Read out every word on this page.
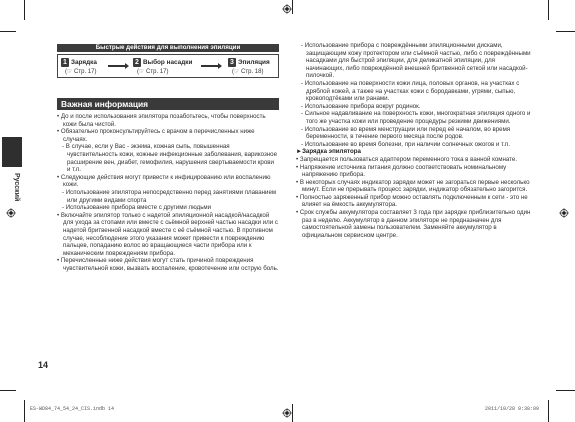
Быстрые действия для выполнения эпиляции
1 $^{Зарядка}$
(☞ Стр. 17)
2 $^{Выбор насадки}$
(☞ Стр. 17)
3 $^{Эпиляция}$
(☞ Стр. 18)
Важная информация
Русский

• До и после использования эпилятора позаботьтесь, чтобы поверхность кожи была чистой.

• Обязательно проконсультируйтесь с врачом в перечисленных ниже случаях.

- В случае, если у Вас - экзема, кожная сыпь, повышенная чувствительность кожи, кожные инфекционные заболевания, варикозное расширение вен, диабет, гемофилия, нарушения свертываемости крови и т.п.

• Следующие действия могут привести к инфицированию или воспалению кожи.

- Использование эпилятора непосредственно перед занятиями плаванием или другими видами спорта

- Использование прибора вместе с другими людьми

• Включайте эпилятор только с надетой эпиляционной насадкой/насадкой для ухода за стопами или вместе с сьёмной верхней частью насадки или с надетой бритвенной насадкой вместе с её съёмной частью. В противном случае, несоблюдение этого указания может привести к повреждению пальцев, попаданию волос во вращающиеся части прибора или к механическим повреждениям прибора.

• Перечисленные ниже действия могут стать причиной повреждения чувствительной кожи, вызвать воспаление, кровотечение или острую боль.

- Использование прибора с повреждёнными эпиляционными дисками, защищающим кожу протектором или съёмной частью, либо с повреждёнными насадками для быстрой эпиляции, для деликатной эпиляции, для начинающих, либо повреждённой внешней бритвенной сеткой или насадкой-пилочкой.

- Использование на поверхности кожи лица, половых органов, на участках с дряблой кожей, а также на участках кожи с бородавками, угрями, сыпью, кровоподтёками или ранами.

- Использование прибора вокруг родинок.

- Сильное надавливание на поверхность кожи, многократная эпиляция одного и того же участка кожи или проведение процедуры резкими движениями.

- Использование во время менструации или перед её началом, во время беременности, в течение первого месяца после родов.

- Использование во время болезни, при наличии солнечных ожогов и т.п.

►Зарядка эпилятора

• Запрещается пользоваться адаптером переменного тока в ванной комнате.

• Напряжение источника питания должно соответствовать номинальному напряжению прибора.

• В некоторых случаях индикатор зарядки может не загораться первые несколько минут. Если не прерывать процесс зарядки, индикатор обязательно загорится.

• Полностью заряженный прибор можно оставлять подключенным к сети - это не влияет на ёмкость аккумулятора.

• Срок службы аккумулятора составляет 3 года при зарядке приблизительно один раз в неделю. Аккумулятор в данном эпиляторе не предназначен для самостоятельной замены пользователем. Заменяйте аккумулятор в официальном сервисном центре.

14
ES-WD84_74_54_24_CIS.indb 14	2011/10/28 9:38:09
